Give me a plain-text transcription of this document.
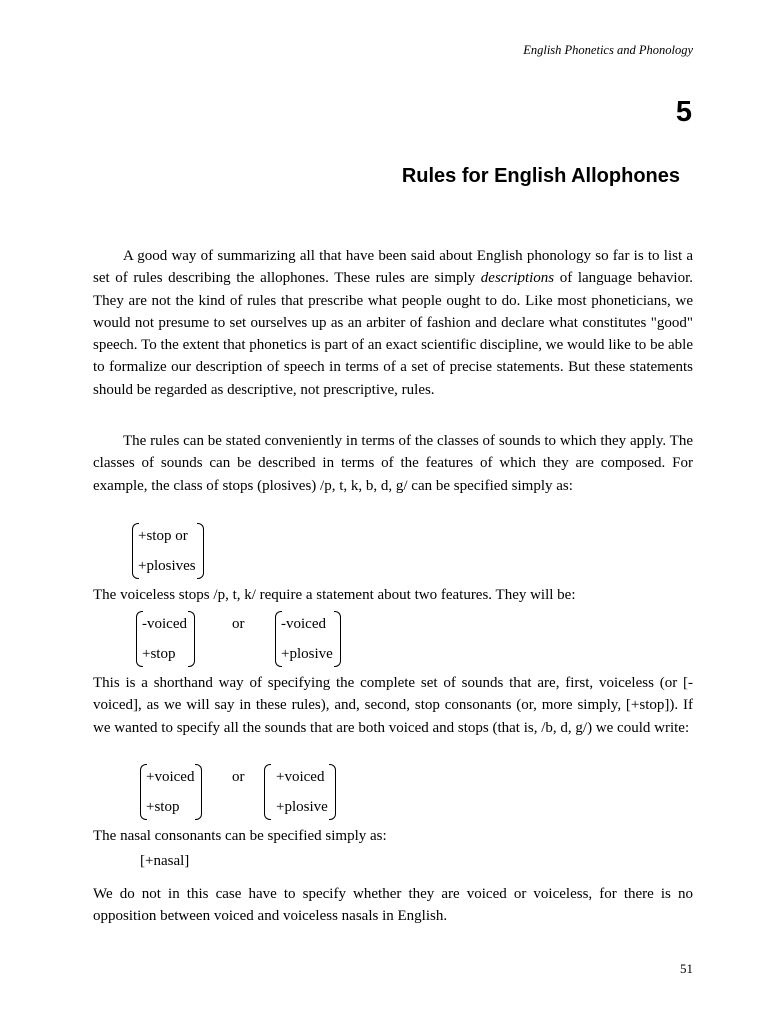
English Phonetics and Phonology
5
Rules for English Allophones

A good way of summarizing all that have been said about English phonology so far is to list a set of rules describing the allophones. These rules are simply descriptions of language behavior. They are not the kind of rules that prescribe what people ought to do. Like most phoneticians, we would not presume to set ourselves up as an arbiter of fashion and declare what constitutes "good" speech. To the extent that phonetics is part of an exact scientific discipline, we would like to be able to formalize our description of speech in terms of a set of precise statements. But these statements should be regarded as descriptive, not prescriptive, rules.

The rules can be stated conveniently in terms of the classes of sounds to which they apply. The classes of sounds can be described in terms of the features of which they are composed. For example, the class of stops (plosives) /p, t, k, b, d, g/ can be specified simply as:

+stop or
+plosives

The voiceless stops /p, t, k/ require a statement about two features. They will be:

-voiced
+stop
or -voiced
+plosive

This is a shorthand way of specifying the complete set of sounds that are, first, voiceless (or [- voiced], as we will say in these rules), and, second, stop consonants (or, more simply, [+stop]). If we wanted to specify all the sounds that are both voiced and stops (that is, /b, d, g/) we could write:

+voiced
+stop
or +voiced
+plosive

The nasal consonants can be specified simply as:

[+nasal]

We do not in this case have to specify whether they are voiced or voiceless, for there is no opposition between voiced and voiceless nasals in English.

51
